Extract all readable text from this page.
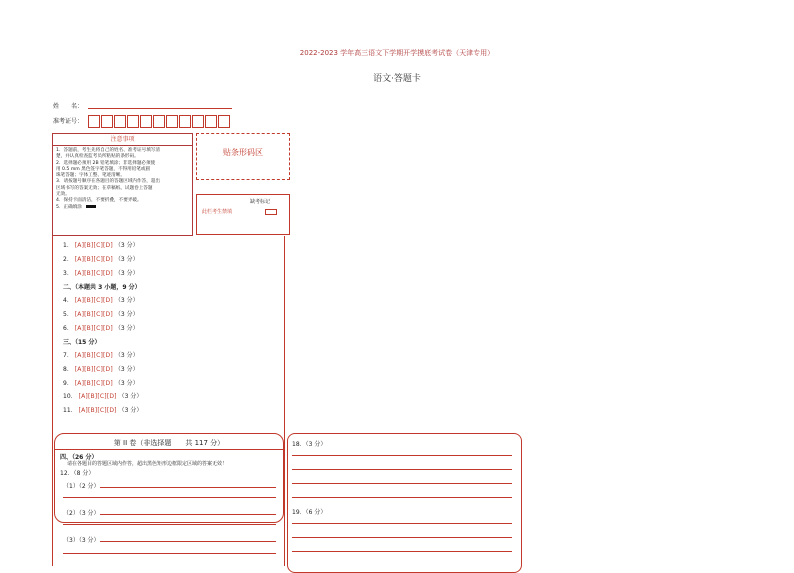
2022-2023 学年高三语文下学期开学摸底考试卷（天津专用）
语文·答题卡
姓　　名：
准考证号：
注意事项
1．答题前，考生先将自己的姓名、准考证号填写清
楚，并认真检查监考员所粘贴的条形码。
2．选择题必须用 2B 铅笔填涂；非选择题必须使
用 0.5 mm 黑色签字笔答题，不得用铅笔或圆
珠笔答题；字体工整、笔迹清晰。
3．请按题号顺序在各题目的答题区域内作答，超出
区域书写的答案无效；在草稿纸、试题卷上答题
无效。
4．保持卡面清洁，不要折叠，不要弄破。
5．正确填涂
贴条形码区
此栏考生禁填
缺考标记
1． [A][B][C][D] （3 分）
2． [A][B][C][D] （3 分）
3． [A][B][C][D] （3 分）
二、（本题共 3 小题，9 分）
4． [A][B][C][D] （3 分）
5． [A][B][C][D] （3 分）
6． [A][B][C][D] （3 分）
三、（15 分）
7． [A][B][C][D] （3 分）
8． [A][B][C][D] （3 分）
9． [A][B][C][D] （3 分）
10． [A][B][C][D] （3 分）
11． [A][B][C][D] （3 分）
第 II 卷（非选择题　　共 117 分）
四、（26 分）
请在各题目的答题区域内作答，超出黑色矩形边框限定区域的答案无效！
12．（8 分）
（1）（2 分）
（2）（3 分）
（3）（3 分）
18．（3 分）
19．（6 分）
